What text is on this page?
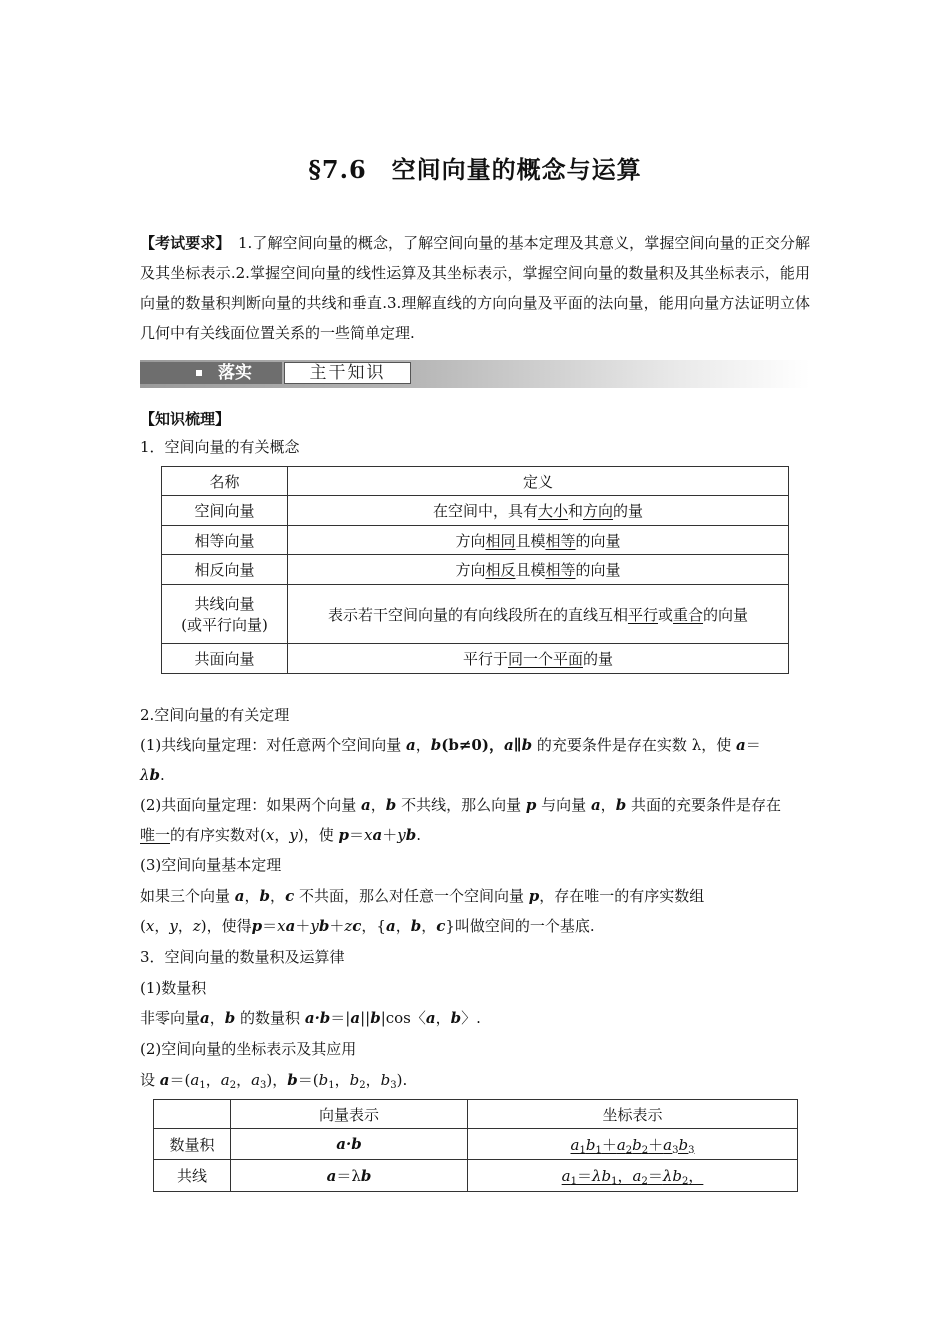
§7.6　空间向量的概念与运算

【考试要求】　 1.了解空间向量的概念，了解空间向量的基本定理及其意义，掌握空间向量的正交分解及其坐标表示.2.掌握空间向量的线性运算及其坐标表示，掌握空间向量的数量积及其坐标表示，能用向量的数量积判断向量的共线和垂直.3.理解直线的方向向量及平面的法向量，能用向量方法证明立体几何中有关线面位置关系的一些简单定理.

落实	主干知识

【知识梳理】

1．空间向量的有关概念

名称	定义
空间向量	在空间中，具有大小和方向的量
相等向量	方向相同且模相等的向量
相反向量	方向相反且模相等的向量
共线向量
(或平行向量)	表示若干空间向量的有向线段所在的直线互相平行或重合的向量
共面向量	平行于同一个平面的量

2.空间向量的有关定理

(1)共线向量定理：对任意两个空间向量 a，b(b≠0)，a∥b 的充要条件是存在实数 λ，使 a＝
λb.

(2)共面向量定理：如果两个向量 a，b 不共线，那么向量 p 与向量 a，b 共面的充要条件是存在
唯一的有序实数对(x，y)，使 p＝xa＋yb.

(3)空间向量基本定理

如果三个向量 a，b，c 不共面，那么对任意一个空间向量 p，存在唯一的有序实数组
(x，y，z)，使得p＝xa＋yb＋zc，{a，b，c}叫做空间的一个基底.

3．空间向量的数量积及运算律

(1)数量积

非零向量a，b 的数量积 a·b＝|a||b|cos〈a，b〉.

(2)空间向量的坐标表示及其应用

设 $a=(a_1$，$a_2$，$a_3$)，$b=(b_1$，$b_2$，$b_3$).

	向量表示	坐标表示
数量积	a·b	$a_1b_1+a_2b_2+a_3b_3$
共线	a＝λb	$a_1=\lambda b_1$，$a_2=\lambda b_2$，
